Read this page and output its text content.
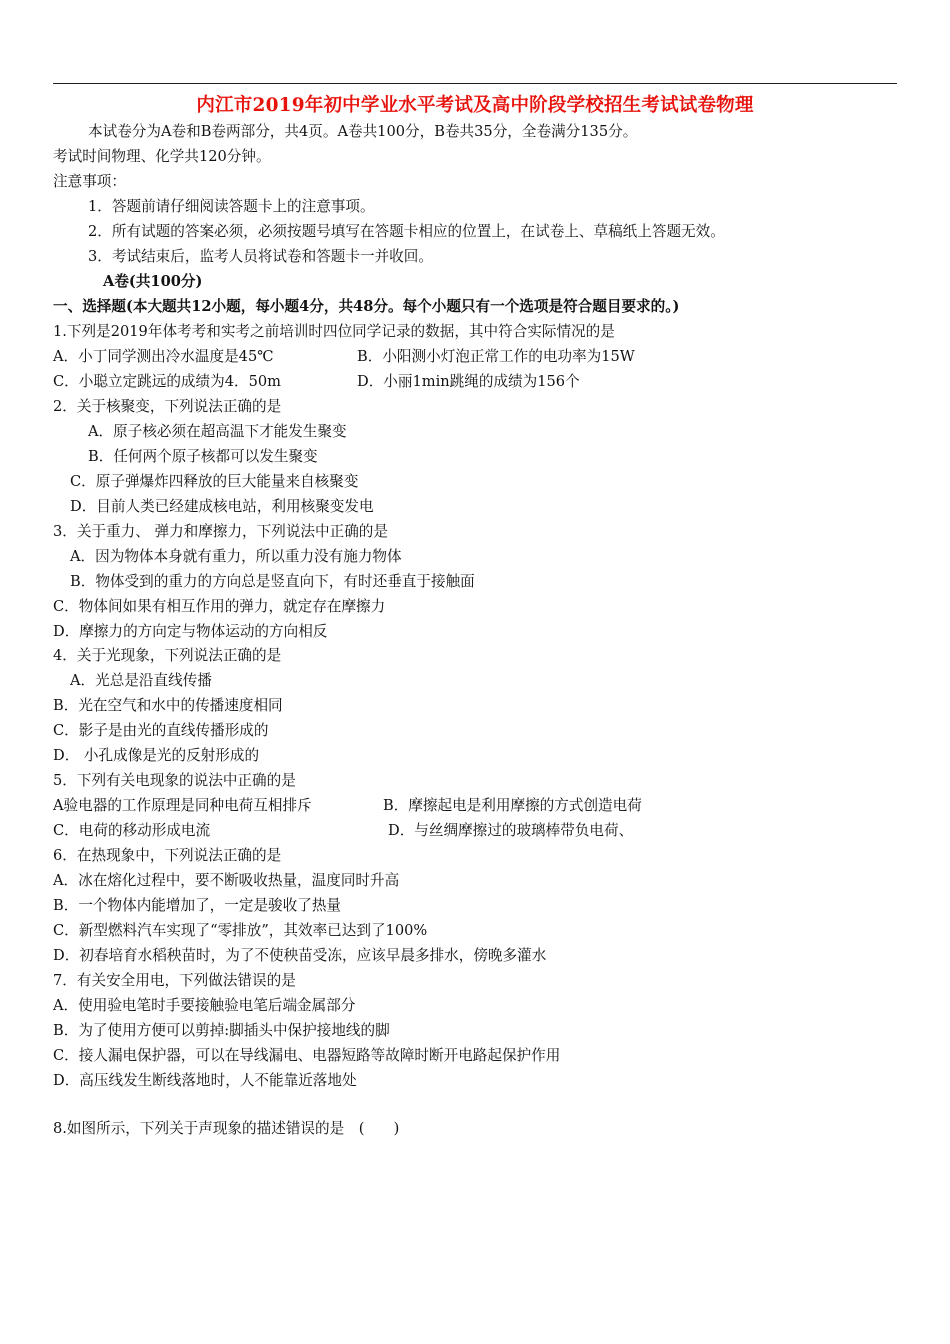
内江市2019年初中学业水平考试及高中阶段学校招生考试试卷物理
本试卷分为A卷和B卷两部分，共4页。A卷共100分，B卷共35分，全卷满分135分。
考试时间物理、化学共120分钟。
注意事项：
1．答题前请仔细阅读答题卡上的注意事项。
2．所有试题的答案必须，必须按题号填写在答题卡相应的位置上，在试卷上、草稿纸上答题无效。
3．考试结束后，监考人员将试卷和答题卡一并收回。
A卷(共100分)
一、选择题(本大题共12小题，每小题4分，共48分。每个小题只有一个选项是符合题目要求的。)
1.下列是2019年体考考和实考之前培训时四位同学记录的数据，其中符合实际情况的是
A．小丁同学测出冷水温度是45℃	B．小阳测小灯泡正常工作的电功率为15W
C．小聪立定跳远的成绩为4．50m	D．小丽1min跳绳的成绩为156个
2．关于核聚变，下列说法正确的是
A．原子核必须在超高温下才能发生聚变
B．任何两个原子核都可以发生聚变
C．原子弹爆炸四释放的巨大能量来自核聚变
D．目前人类已经建成核电站，利用核聚变发电
3．关于重力、 弹力和摩擦力，下列说法中正确的是
A．因为物体本身就有重力，所以重力没有施力物体
B．物体受到的重力的方向总是竖直向下，有时还垂直于接触面
C．物体间如果有相互作用的弹力，就定存在摩擦力
D．摩擦力的方向定与物体运动的方向相反
4．关于光现象，下列说法正确的是
A．光总是沿直线传播
B．光在空气和水中的传播速度相同
C．影子是由光的直线传播形成的
D． 小孔成像是光的反射形成的
5．下列有关电现象的说法中正确的是
A验电器的工作原理是同种电荷互相排斥	B．摩擦起电是利用摩擦的方式创造电荷
C．电荷的移动形成电流	D．与丝绸摩擦过的玻璃棒带负电荷、
6．在热现象中，下列说法正确的是
A．冰在熔化过程中，要不断吸收热量，温度同时升高
B．一个物体内能增加了，一定是骏收了热量
C．新型燃料汽车实现了“零排放”，其效率已达到了100%
D．初春培育水稻秧苗时，为了不使秧苗受冻，应该早晨多排水，傍晚多灌水
7．有关安全用电，下列做法错误的是
A．使用验电笔时手要接触验电笔后端金属部分
B．为了使用方便可以剪掉:脚插头中保护接地线的脚
C．接人漏电保护器，可以在导线漏电、电器短路等故障时断开电路起保护作用
D．高压线发生断线落地时，人不能靠近落地处
8.如图所示，下列关于声现象的描述错误的是　(　　)
